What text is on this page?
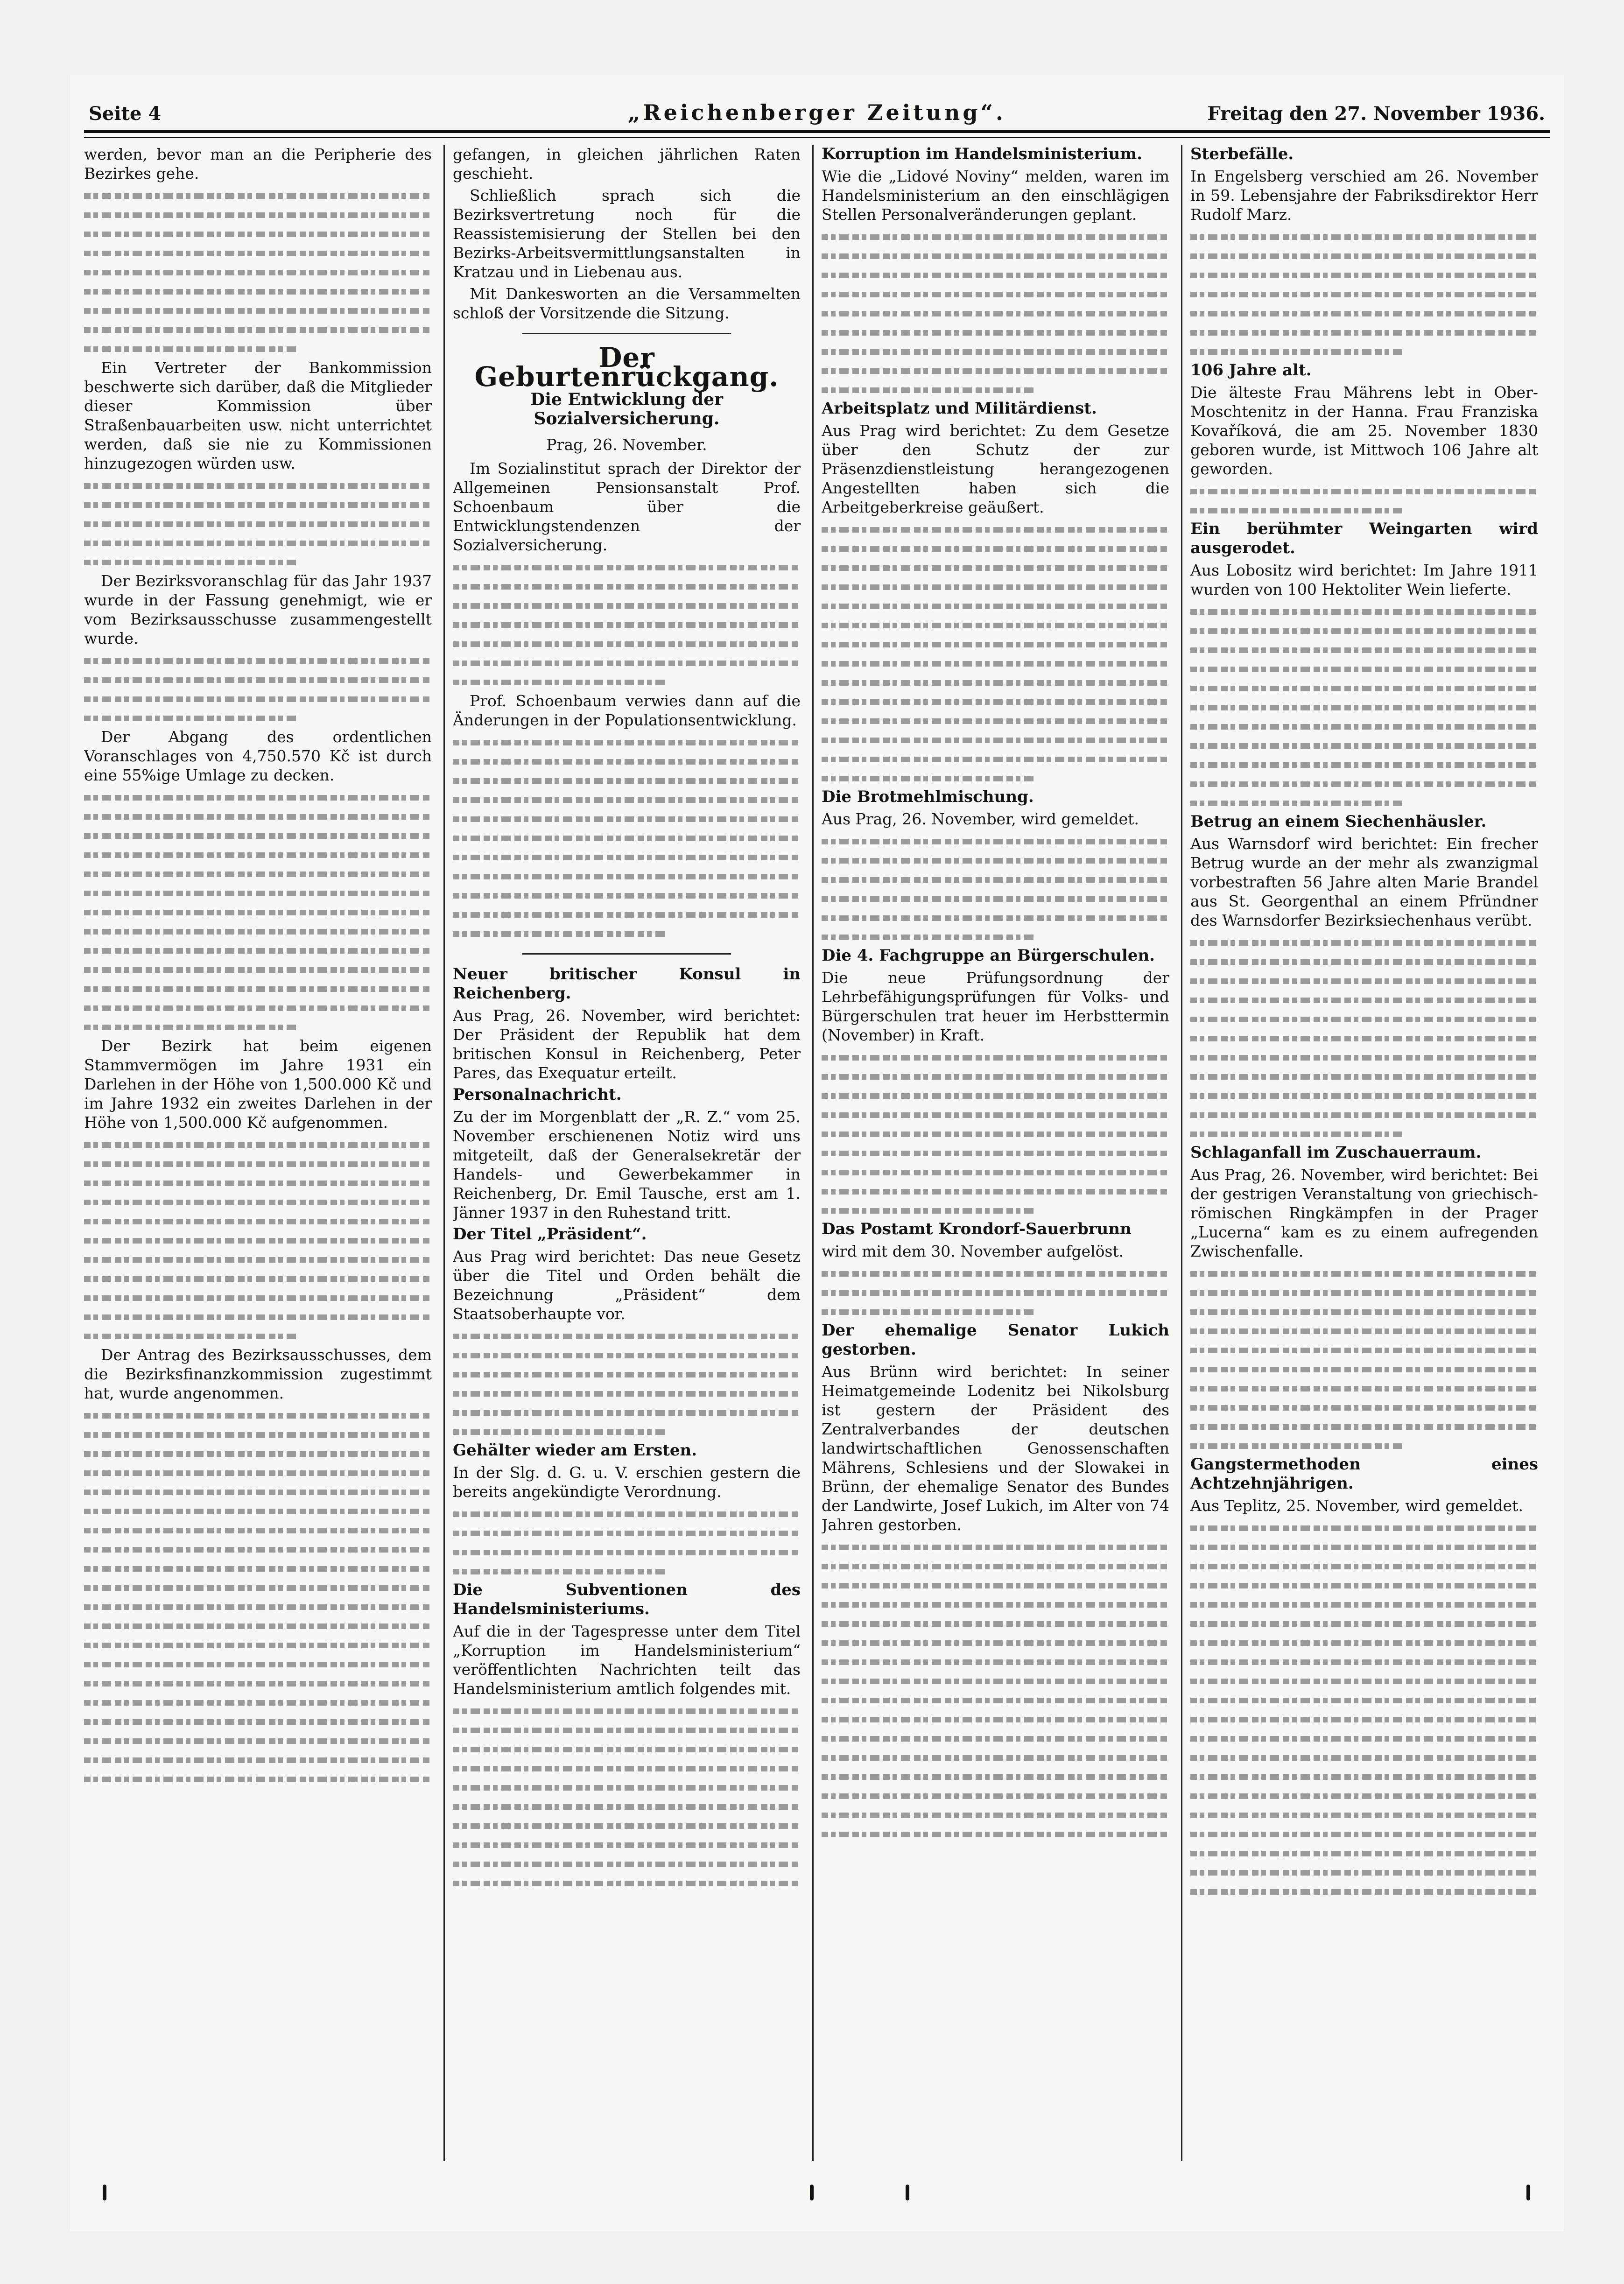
Seite 4	„Reichenberger Zeitung“.	Freitag den 27. November 1936.

werden, bevor man an die Peripherie des Bezirkes gehe.

Ein Vertreter der Bankommission beschwerte sich darüber, daß die Mitglieder dieser Kommission über Straßenbauarbeiten usw. nicht unterrichtet werden, daß sie nie zu Kommissionen hinzugezogen würden usw.

Der Bezirksvoranschlag für das Jahr 1937 wurde in der Fassung genehmigt, wie er vom Bezirksausschusse zusammengestellt wurde.

Der Abgang des ordentlichen Voranschlages von 4,750.570 Kč ist durch eine 55%ige Umlage zu decken.

Der Bezirk hat beim eigenen Stammvermögen im Jahre 1931 ein Darlehen in der Höhe von 1,500.000 Kč und im Jahre 1932 ein zweites Darlehen in der Höhe von 1,500.000 Kč aufgenommen.

Der Antrag des Bezirksausschusses, dem die Bezirksfinanzkommission zugestimmt hat, wurde angenommen.

gefangen, in gleichen jährlichen Raten geschieht.

Schließlich sprach sich die Bezirksvertretung noch für die Reassistemisierung der Stellen bei den Bezirks-Arbeitsvermittlungsanstalten in Kratzau und in Liebenau aus.

Mit Dankesworten an die Versammelten schloß der Vorsitzende die Sitzung.

Der Geburtenrückgang.

Die Entwicklung der Sozialversicherung.

Prag, 26. November.

Im Sozialinstitut sprach der Direktor der Allgemeinen Pensionsanstalt Prof. Schoenbaum über die Entwicklungstendenzen der Sozialversicherung.

Prof. Schoenbaum verwies dann auf die Änderungen in der Populationsentwicklung.

Neuer britischer Konsul in Reichenberg.

Aus Prag, 26. November, wird berichtet: Der Präsident der Republik hat dem britischen Konsul in Reichenberg, Peter Pares, das Exequatur erteilt.

Personalnachricht.

Zu der im Morgenblatt der „R. Z.“ vom 25. November erschienenen Notiz wird uns mitgeteilt, daß der Generalsekretär der Handels- und Gewerbekammer in Reichenberg, Dr. Emil Tausche, erst am 1. Jänner 1937 in den Ruhestand tritt.

Der Titel „Präsident“.

Aus Prag wird berichtet: Das neue Gesetz über die Titel und Orden behält die Bezeichnung „Präsident“ dem Staatsoberhaupte vor.

Gehälter wieder am Ersten.

In der Slg. d. G. u. V. erschien gestern die bereits angekündigte Verordnung.

Die Subventionen des Handelsministeriums.

Auf die in der Tagespresse unter dem Titel „Korruption im Handelsministerium“ veröffentlichten Nachrichten teilt das Handelsministerium amtlich folgendes mit.

Korruption im Handelsministerium.

Wie die „Lidové Noviny“ melden, waren im Handelsministerium an den einschlägigen Stellen Personalveränderungen geplant.

Arbeitsplatz und Militärdienst.

Aus Prag wird berichtet: Zu dem Gesetze über den Schutz der zur Präsenzdienstleistung herangezogenen Angestellten haben sich die Arbeitgeberkreise geäußert.

Die Brotmehlmischung.

Aus Prag, 26. November, wird gemeldet.

Die 4. Fachgruppe an Bürgerschulen.

Die neue Prüfungsordnung der Lehrbefähigungsprüfungen für Volks- und Bürgerschulen trat heuer im Herbsttermin (November) in Kraft.

Das Postamt Krondorf-Sauerbrunn

wird mit dem 30. November aufgelöst.

Der ehemalige Senator Lukich gestorben.

Aus Brünn wird berichtet: In seiner Heimatgemeinde Lodenitz bei Nikolsburg ist gestern der Präsident des Zentralverbandes der deutschen landwirtschaftlichen Genossenschaften Mährens, Schlesiens und der Slowakei in Brünn, der ehemalige Senator des Bundes der Landwirte, Josef Lukich, im Alter von 74 Jahren gestorben.

Sterbefälle.

In Engelsberg verschied am 26. November in 59. Lebensjahre der Fabriksdirektor Herr Rudolf Marz.

106 Jahre alt.

Die älteste Frau Mährens lebt in Ober-Moschtenitz in der Hanna. Frau Franziska Kovaříková, die am 25. November 1830 geboren wurde, ist Mittwoch 106 Jahre alt geworden.

Ein berühmter Weingarten wird ausgerodet.

Aus Lobositz wird berichtet: Im Jahre 1911 wurden von 100 Hektoliter Wein lieferte.

Betrug an einem Siechenhäusler.

Aus Warnsdorf wird berichtet: Ein frecher Betrug wurde an der mehr als zwanzigmal vorbestraften 56 Jahre alten Marie Brandel aus St. Georgenthal an einem Pfründner des Warnsdorfer Bezirksiechenhaus verübt.

Schlaganfall im Zuschauerraum.

Aus Prag, 26. November, wird berichtet: Bei der gestrigen Veranstaltung von griechisch-römischen Ringkämpfen in der Prager „Lucerna“ kam es zu einem aufregenden Zwischenfalle.

Gangstermethoden eines Achtzehnjährigen.

Aus Teplitz, 25. November, wird gemeldet.
